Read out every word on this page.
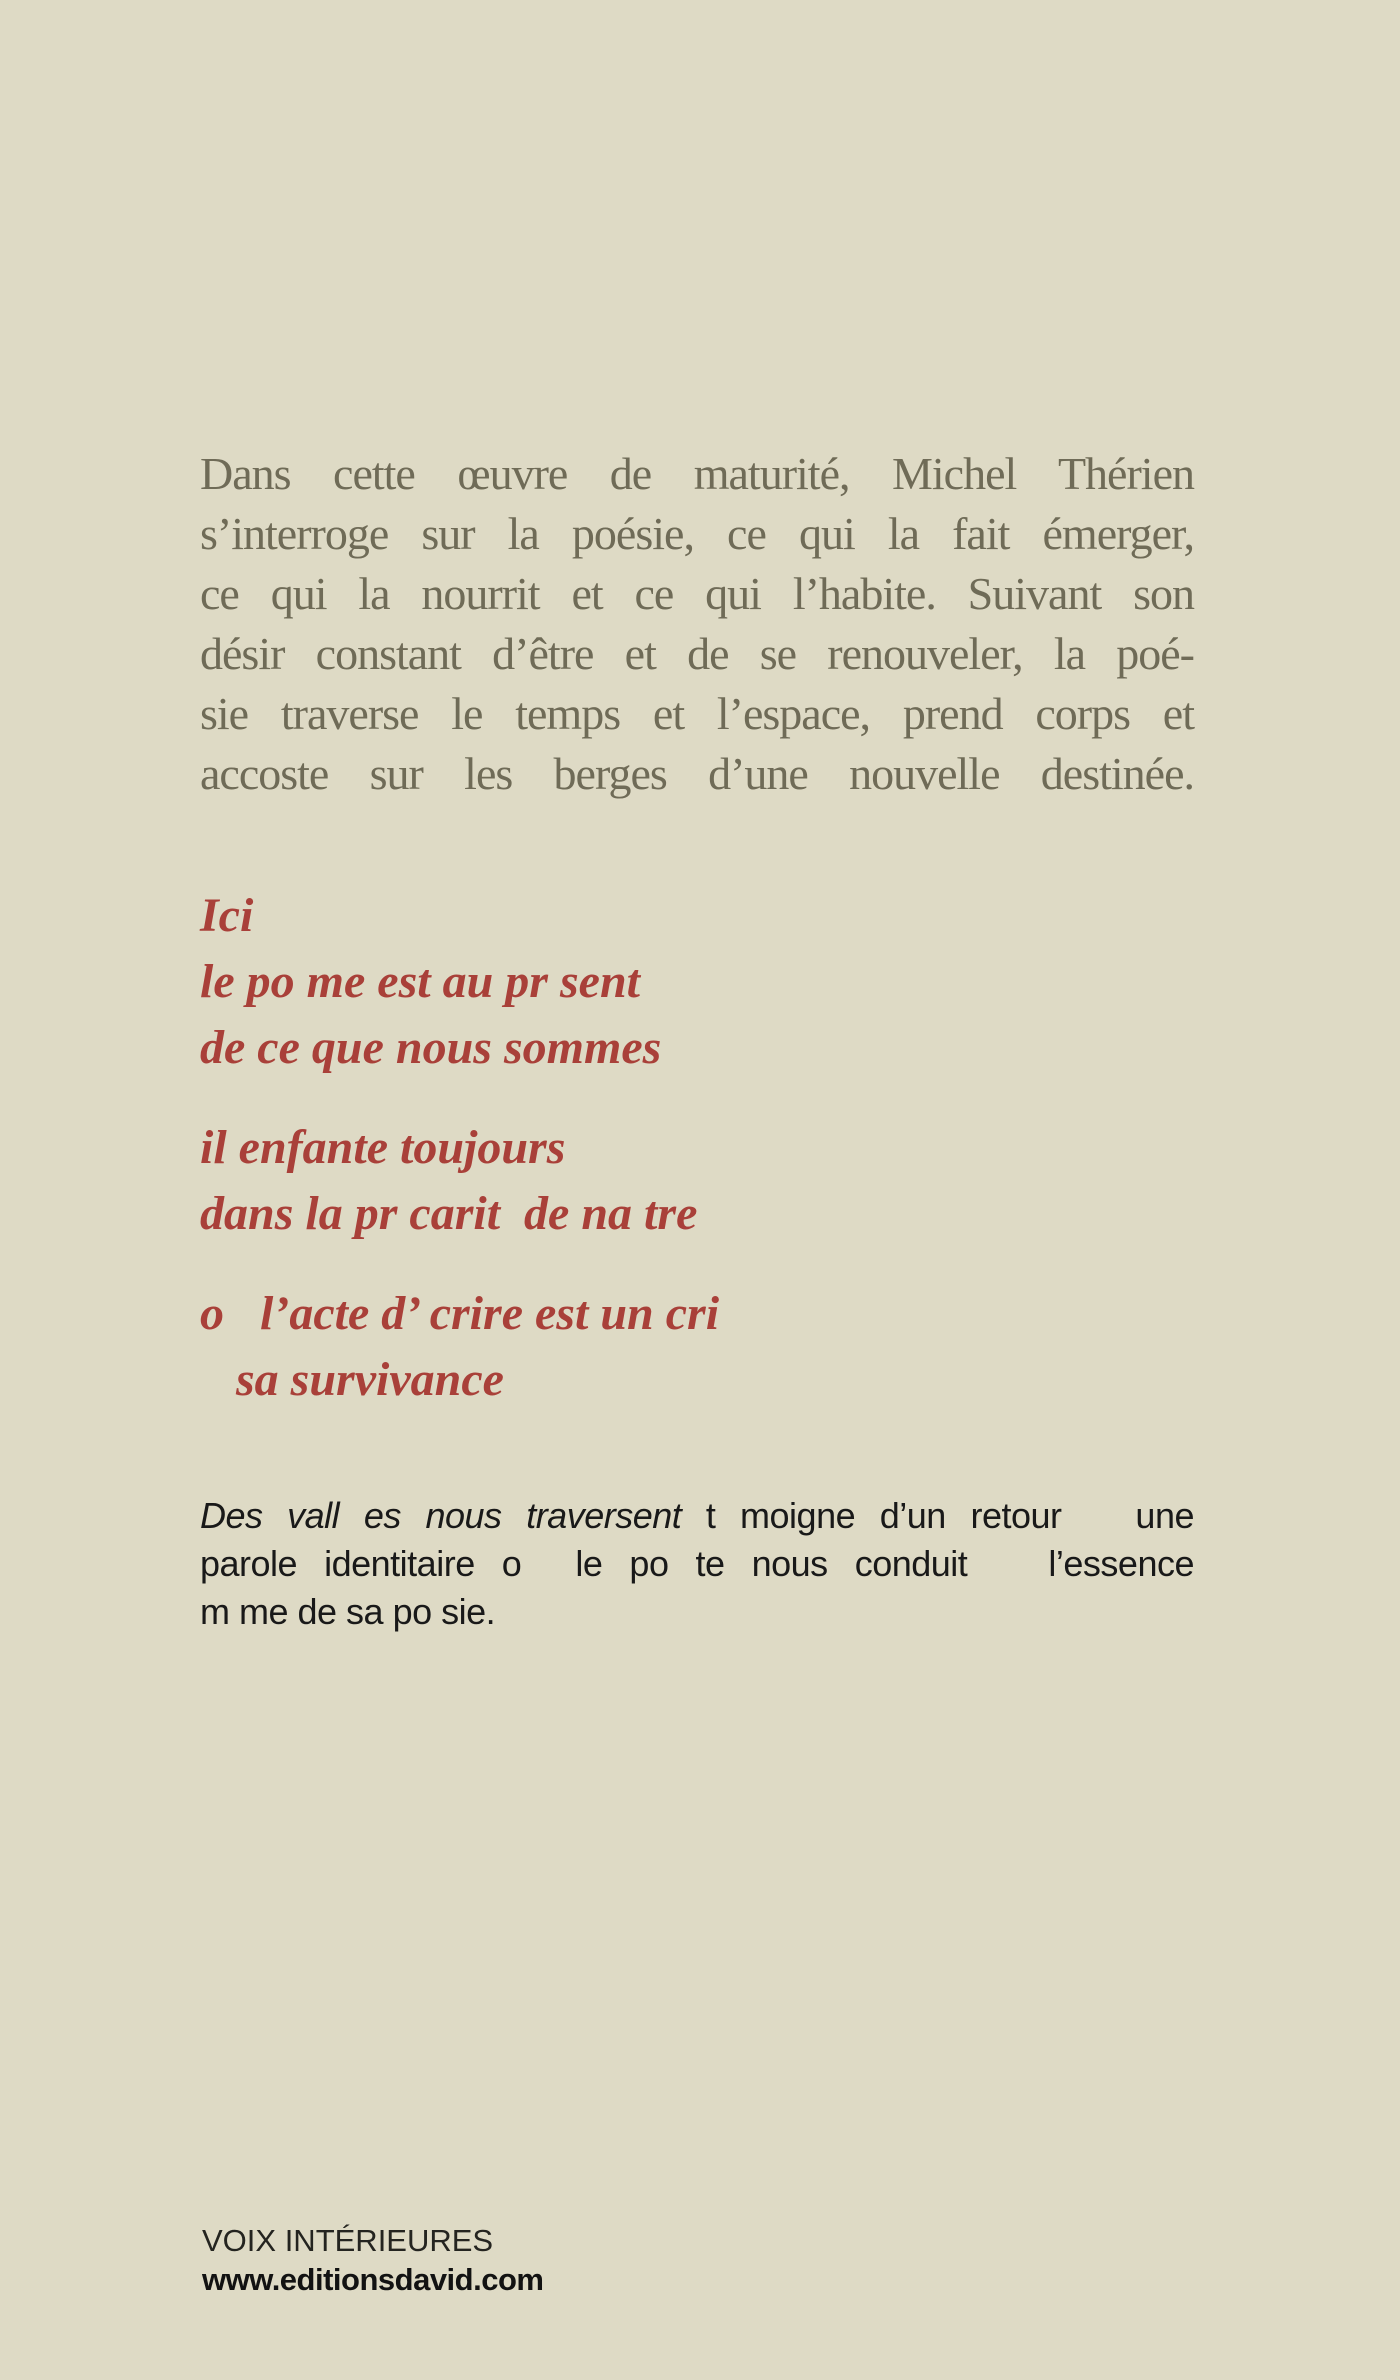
Dans cette œuvre de maturité, Michel Thérien
s’interroge sur la poésie, ce qui la fait émerger,
ce qui la nourrit et ce qui l’habite. Suivant son
désir constant d’être et de se renouveler, la poé-
sie traverse le temps et l’espace, prend corps et
accoste sur les berges d’une nouvelle destinée.
Ici
le po me est au pr sent
de ce que nous sommes
il enfante toujours
dans la pr carit  de na tre
o   l’acte d’ crire est un cri
sa survivance
Des vall es nous traversent t moigne d’un retour   une
parole identitaire o  le po te nous conduit   l’essence
m me de sa po sie.
VOIX INTÉRIEURES
www.editionsdavid.com
